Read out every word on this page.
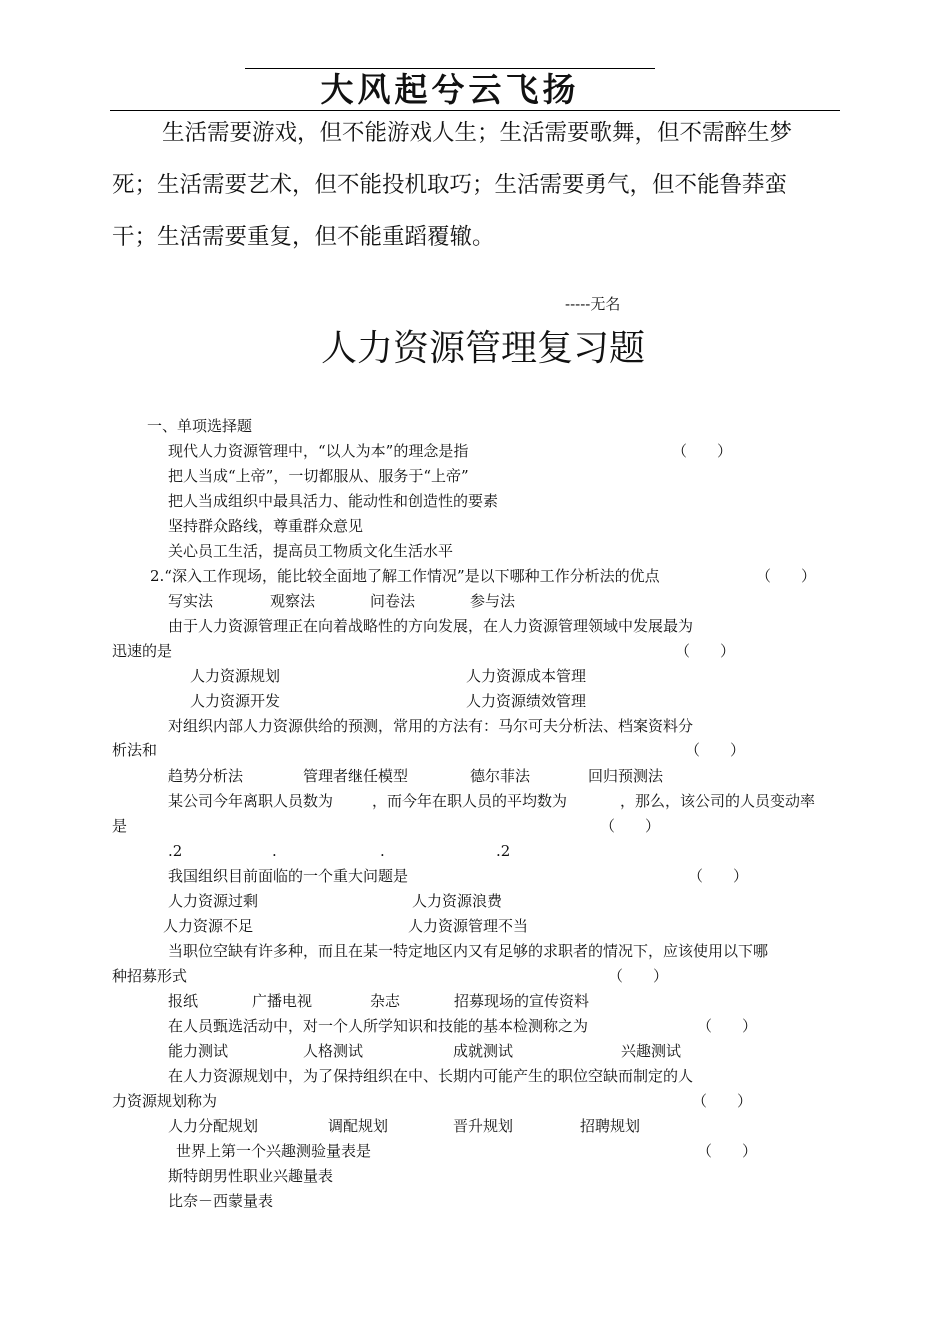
大风起兮云飞扬
生活需要游戏，但不能游戏人生；生活需要歌舞，但不需醉生梦
死；生活需要艺术，但不能投机取巧；生活需要勇气，但不能鲁莽蛮
干；生活需要重复，但不能重蹈覆辙。
-----无名
人力资源管理复习题
一、单项选择题
现代人力资源管理中，“以人为本”的理念是指	（　　）
把人当成“上帝”，一切都服从、服务于“上帝”
把人当成组织中最具活力、能动性和创造性的要素
坚持群众路线，尊重群众意见
关心员工生活，提高员工物质文化生活水平
2.“深入工作现场，能比较全面地了解工作情况”是以下哪种工作分析法的优点	（　　）
写实法	观察法	问卷法	参与法
由于人力资源管理正在向着战略性的方向发展，在人力资源管理领域中发展最为
迅速的是	（　　）
人力资源规划	人力资源成本管理
人力资源开发	人力资源绩效管理
对组织内部人力资源供给的预测，常用的方法有：马尔可夫分析法、档案资料分
析法和	（　　）
趋势分析法	管理者继任模型	德尔菲法	回归预测法
某公司今年离职人员数为	，而今年在职人员的平均数为	，那么，该公司的人员变动率
是	（　　）
.2	.	.	.2
我国组织目前面临的一个重大问题是	（　　）
人力资源过剩	人力资源浪费
人力资源不足	人力资源管理不当
当职位空缺有许多种，而且在某一特定地区内又有足够的求职者的情况下，应该使用以下哪
种招募形式	（　　）
报纸	广播电视	杂志	招募现场的宣传资料
在人员甄选活动中，对一个人所学知识和技能的基本检测称之为	（　　）
能力测试	人格测试	成就测试	兴趣测试
在人力资源规划中，为了保持组织在中、长期内可能产生的职位空缺而制定的人
力资源规划称为	（　　）
人力分配规划	调配规划	晋升规划	招聘规划
世界上第一个兴趣测验量表是	（　　）
斯特朗男性职业兴趣量表
比奈－西蒙量表
